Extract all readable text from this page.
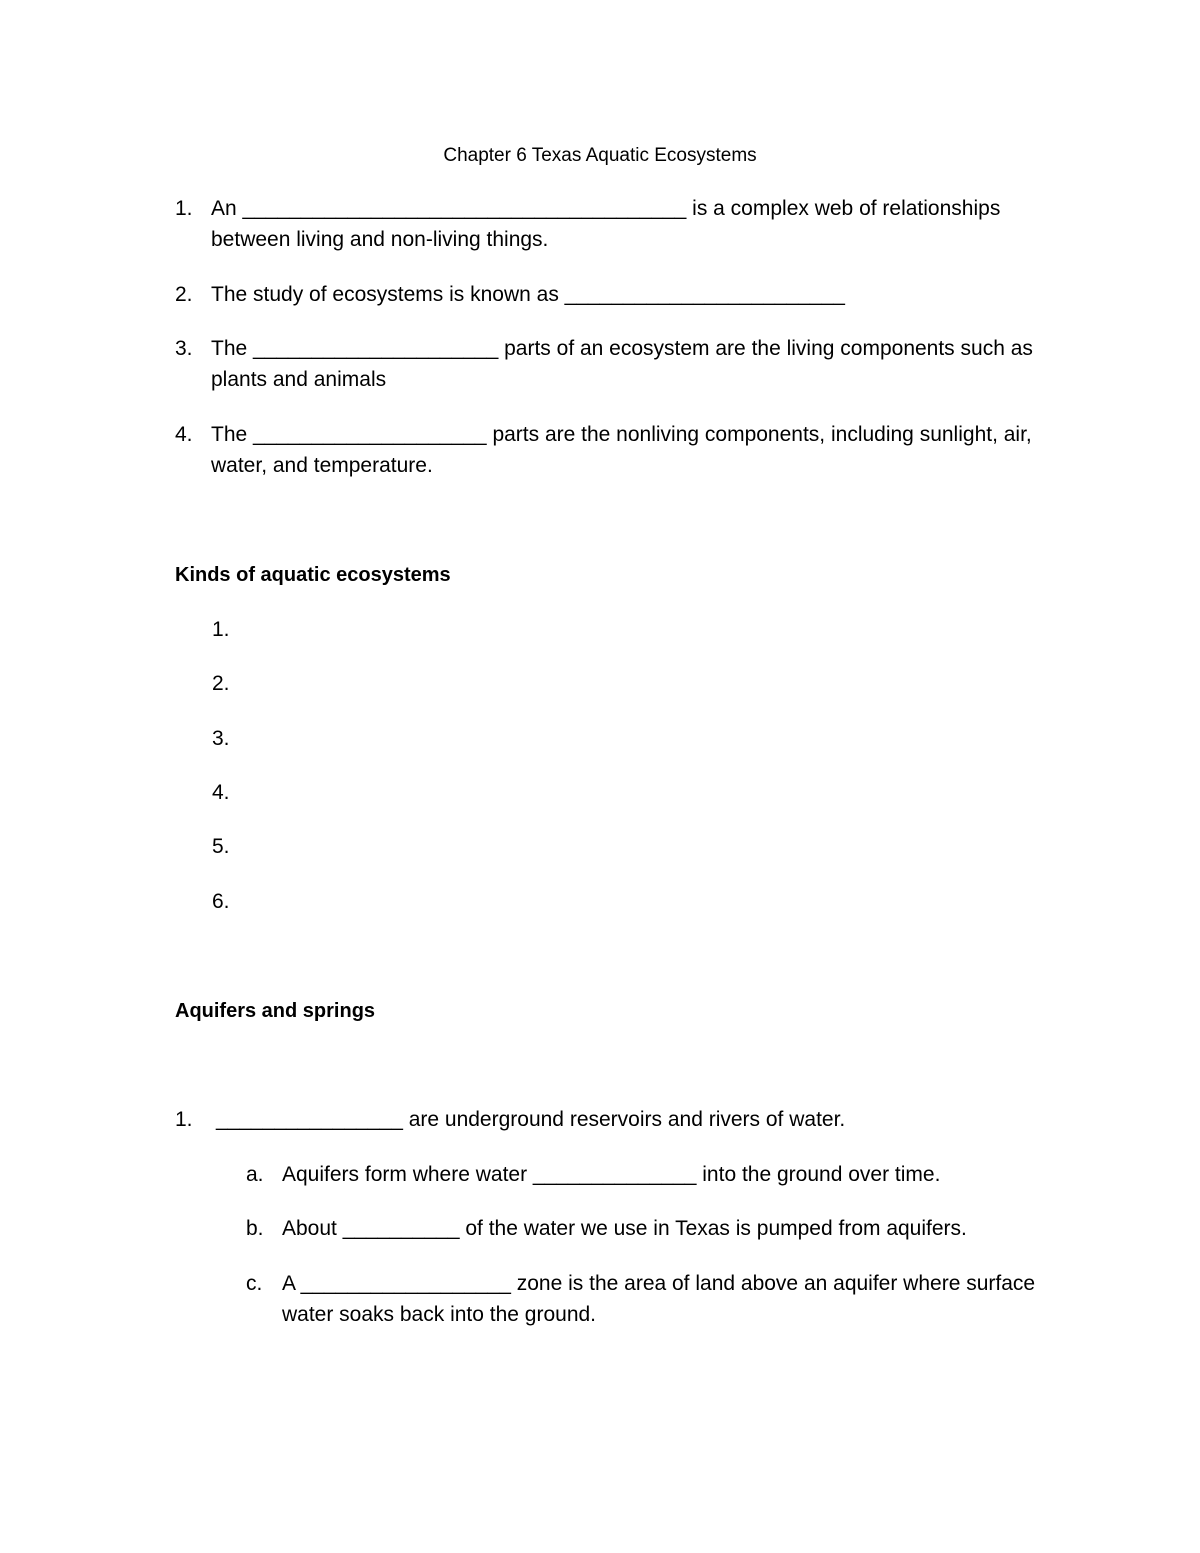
Chapter 6 Texas Aquatic Ecosystems
1. An ______________________________________ is a complex web of relationships
between living and non-living things.
2. The study of ecosystems is known as ________________________
3. The _____________________ parts of an ecosystem are the living components such as
plants and animals
4. The ____________________ parts are the nonliving components, including sunlight, air,
water, and temperature.
Kinds of aquatic ecosystems
1.
2.
3.
4.
5.
6.
Aquifers and springs
1. ________________ are underground reservoirs and rivers of water.
a. Aquifers form where water ______________ into the ground over time.
b. About __________ of the water we use in Texas is pumped from aquifers.
c. A __________________ zone is the area of land above an aquifer where surface
water soaks back into the ground.
